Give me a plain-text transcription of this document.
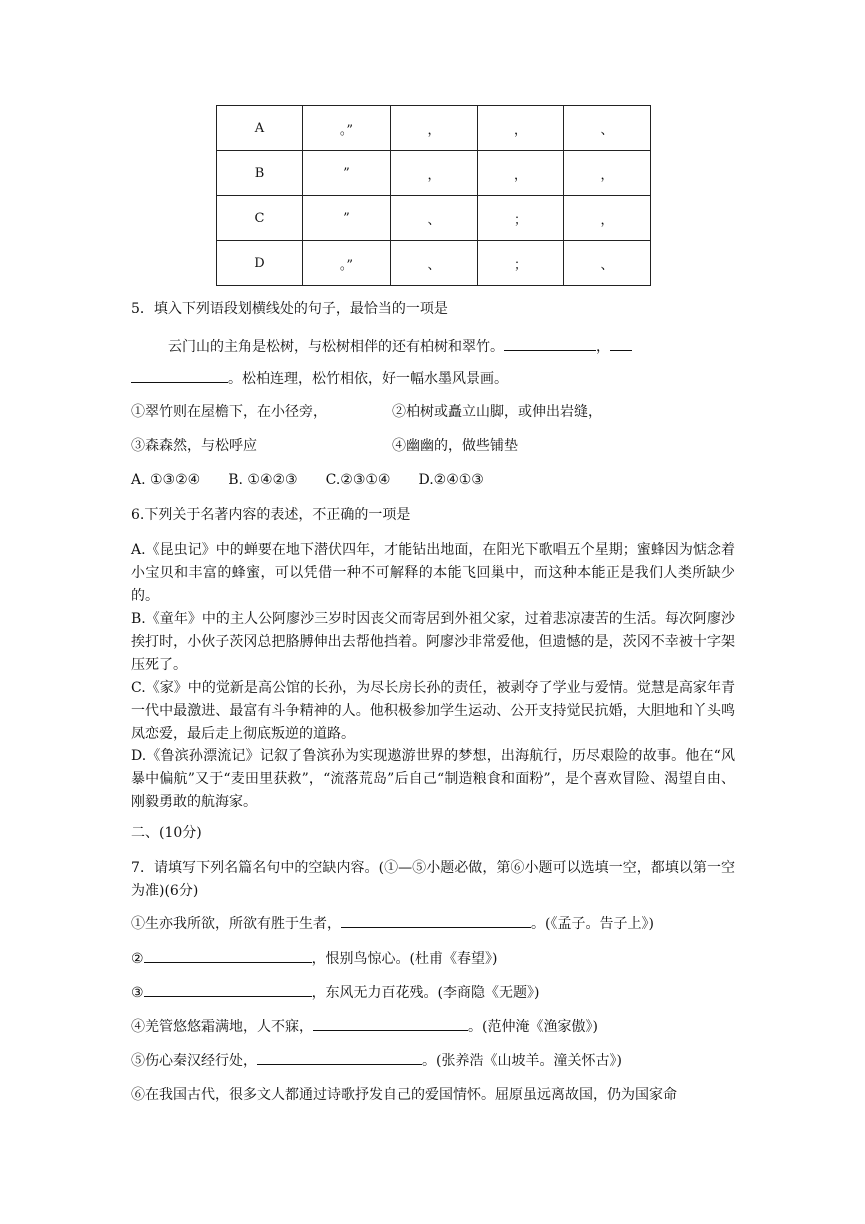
A	。”	，	，	、
B	”	，	，	，
C	”	、	；	，
D	。”	、	；	、
5．填入下列语段划横线处的句子，最恰当的一项是
云门山的主角是松树，与松树相伴的还有柏树和翠竹。	，
。松柏连理，松竹相依，好一幅水墨风景画。
①翠竹则在屋檐下，在小径旁，	②柏树或矗立山脚，或伸出岩缝，
③森森然，与松呼应	④幽幽的，做些铺垫
A. ①③②④　　B. ①④②③　　C.②③①④　　D.②④①③
6.下列关于名著内容的表述，不正确的一项是
A.《昆虫记》中的蝉要在地下潜伏四年，才能钻出地面，在阳光下歌唱五个星期；蜜蜂因为惦念着小宝贝和丰富的蜂蜜，可以凭借一种不可解释的本能飞回巢中，而这种本能正是我们人类所缺少的。
B.《童年》中的主人公阿廖沙三岁时因丧父而寄居到外祖父家，过着悲凉凄苦的生活。每次阿廖沙挨打时，小伙子茨冈总把胳膊伸出去帮他挡着。阿廖沙非常爱他，但遗憾的是，茨冈不幸被十字架压死了。
C.《家》中的觉新是高公馆的长孙，为尽长房长孙的责任，被剥夺了学业与爱情。觉慧是高家年青一代中最激进、最富有斗争精神的人。他积极参加学生运动、公开支持觉民抗婚，大胆地和丫头鸣凤恋爱，最后走上彻底叛逆的道路。
D.《鲁滨孙漂流记》记叙了鲁滨孙为实现遨游世界的梦想，出海航行，历尽艰险的故事。他在“风暴中偏航”又于“麦田里获救”，“流落荒岛”后自己“制造粮食和面粉”，是个喜欢冒险、渴望自由、刚毅勇敢的航海家。
二、(10分)
7．请填写下列名篇名句中的空缺内容。(①—⑤小题必做，第⑥小题可以选填一空，都填以第一空为准)(6分)
①生亦我所欲，所欲有胜于生者，	。(《孟子。告子上》)
②	，恨别鸟惊心。(杜甫《春望》)
③	，东风无力百花残。(李商隐《无题》)
④羌管悠悠霜满地，人不寐，	。(范仲淹《渔家傲》)
⑤伤心秦汉经行处，	。(张养浩《山坡羊。潼关怀古》)
⑥在我国古代，很多文人都通过诗歌抒发自己的爱国情怀。屈原虽远离故国，仍为国家命
